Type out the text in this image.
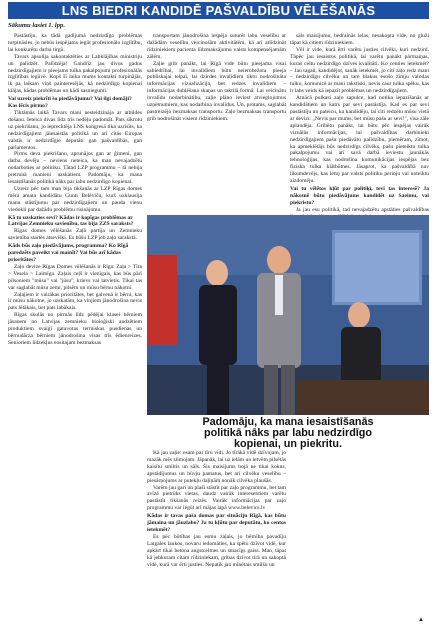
LNS BIEDRI KANDIDĒ PAŠVALDĪBU VĒLĒŠANĀS
Sākumu lasiet 1. lpp.

Pastāstīju, ka tādā gadījumā nedzirdīgo problēmas turpināsies, jo nebūs iespējams iegūt profesionālo izglītību, lai konkurētu darba tirgū.

Tavars apsolīja sakontaktēties ar Labklājības ministriju un palīdzēt. Palīdzēja! Gandrīz jau divus gadus nedzirdīgajiem ir pieejams tulka pakalpojumi profesionālās izglītības iegūvē. Kopš šī laika mums kontakti turpinājās, ik pa laikam viņš painteresējās, kā nedzirdīgo kopienai klājas, kādas problēmas un kādi sasniegumi.

Vai uzreiz piekrīti šo piedāvājumu? Vai ilgi domāji? Kas lēcis pirmo?

Tiktāmās laikā Tavars mani nesteidzināja ar atbildes došanu. Ieteica divas līdz trīs nedēļu padomāt. Pats sīkrotu uz piekrišanu, jo ieprecktēja LNS kongresā tika uzrisīts, ka nedzirdīgajiem jāiesaistās politikā un arī citās Eiropas valstīs ir nedzirdīgie deputāti gan pašvaldībās, gan parlamentos.

Pirms deva piekrišanu, aprunājos gan ar ģimeni, gan darba devēju – neviens neteica, ka man nevajadzētu nodarboties ar politiku. Tātad LZP programmu – tā nebija pretrunā manieni uzskatiem. Padomāju, ka mana iesaistīšanās politikā nāks par labu nedzirdīgo kopienai.

Uzreiz pēc tam man bija tikšanās ar LZP Rīgas domes mēra amata kandidātu Gunti Belēviču, kurš uzklausīja manu stāstījumu par nedzirdīgajiem un pauda vienu viedokli par dažādu problēmu risinājumu.

Kā tu uzskaties sevi? Kādas ir kopīgas problēmas ar Latvijas Zemnieku savienību, tas bija ZZS saraksts?

Rīgas domes vēlēšanās Zaļā partija un Zemnieku savienība startēs atsevišķi. Es būšu LZP jeb zaļo sarakstā.

Kāds būs zaļo piedāvājums, programma? Ko Rīgā paredzēts paveikt vai mainīt? Vai būs arī kādas prioritātes?

Zaļo devize Rīgas Domes vēlēšanās ir Rīga: Zaļa > Tīra > Vesela > Laimīga. Zaļais ceļš ir vienīgais, kas būs pārī pilsoniem "mūsu" vai "jūsu", krievs vai latvietis. Tikai tas var saglabāt mūsu zemi, pilsētu un mūsu bērnu nākotni.

Zaļajiem ir vairākas prioritātes, bet galvenā ir bērni, kas ir mūsu nākotne, jo uzskatām, ka vinjiem jānodrošina nevis pats lētākais, bet pats labākais.

Rīgas skolās no pirmās līdz pēdējai klasei bērniem jāsanem no Latvijas zemnieku bioloģiski audzētiem produktiem svaigi gatavotas termiskas pusdienas un bērnudārza bērniem jānodrošina visas trīs ēdienreizes. Senioriem līdzekļus eositajam bezmaksas

transportam jānodrošina iespēja suturēt labu veselību ar dažādām veselību veicinošām aktivitātēm, kā arī atlīdzināt rīdziniekiem pacienta līdzmaksājumu valsts kompensējamām zālēm.

Zaļie grib panākt, lai Rīgā vide būtu pieejama visai sabiedrībai, lai invalīdiem būtu neierobežota pieeja publiskajai telpai, lai dzirdes invalīdiem tiktu nodrošināta informācijas vizualizācija, bet redzes invalīdiem – informācijas dublēšana skaņas un taktilā formā. Lai veicinātu invalīdu nodarbinātību, zaļie plāno ieviest atvieglojumus uzņēmumiem, kas nodarbina invalīdus. Un, protams, saglabāt pastreizējo bezmaksas transportu. Zaļo bezmaksas transportu grib nodrošināt visiem rīdziniekiem.

sāls maisījumu, bedrainās ielas, nesakopta vide, no gluži tāpat kā citiem rīdziniekiem.

Vēl ir vide, kurā ērti varētu justies cilvēki, kuri nedzird. Tāpēc jau iesaistos politikā, lai varētu panākt pārmaiņas, kuras celtu nedzirdīgo dzīves kvalitāti. Ko centies ietekmēt? – Jau tagad, kandidējot, sanāk ietekmēt, jo citi zaļo redz mani – nedzirdīgu cilvēku un tam blakus esošo zīmju valodas tulku, komunicē ar mani rakstiski, nevis caur tulka spēku, kas ir labs veids kā iepazīt problēmas un nedzirdīgajiem.

Atnācā pulkasi zaļo sapulce, kad notika iepazīšanās ar kandidātiem un katrs par sevi pastāstīja. Kad es par sevi pastāstīju un pateicu, ka kandidēju, lai citi redzētu mūsu vietā ar devizi: „Nevis par mums, bet mūsu pašu ar sevi!", visa zāle aplaudēja. Gribētu panākt, lai būtu pēc iespējas vairāk vizuālās informācijas, lai pašvaldības darbinieki nedzirdīgajiem pašu piedāvātu palīdzību, piemēram, zīmot, ka apmeklētājs būs nedzirdīgs cilvēks, pašu pieteiktu tulka pakalpojumu vai arī savā darbā ieviestu jaunākās tehnoloģijas, kas nodrošina komunikācijas iespējas bez fiziska tulka klātbūtnes. Jāsaprot, ka pašvaldībā nav likumdevējs, kas lemj par valsts politiku perioju vai noteiktu aizdomēju.

Vai tu vēlētos kļūt par politiķi, tevi tas interesē? Ja nākotnē būtu piedāvājums kandidēt uz Saeimu, vai piekristu?

Ja jau esu politikā, tad nevajadzētu apstāties pašvaldības

Padomāju, ka mana iesaistīšanās
politikā nāks par labu nedzirdīgo
kopienai, un piekritu.

Kā jau zaļie: esam par tīru vidi. Jo tīrākā vidē dzīvojam, jo mazāk mēs slimojam. Jāpanāk, lai uz ielām un ietvēm pilsētās kaisītu smiltis un sāls. Šis maisījums bojā ne tikai kokus, apstādījumus un būvju pamatus, bet arī cilvēku veselību – piesārņojums ar putekļu daļiņām nonāk cilvēka plaušās.

Varētu jau gari un plaši stāstīt par zaļo programmu, bet tam avīzē pietrūks vietas, daudz vairāk interesentiem varētu pastāstīt tikšanās reizēs. Vairāk informācijas par zaļo programmu var iegūt arī mājas lapā www.belevics.lv

Kādas ir tavas paša domas par situāciju Rīgā, kas būtu jāmaina un jāuzlabo? Ja tu kļūtu par deputātu, ko centos ietekmēt?

Es pēc būtības jau esmu zaļais, jo bērnība pavadīju Latgales laukos, novaru iedomāties, ka spētu dzīvot vidē, kur apkārt tikai betona augstceltnes un smacīgs gaiss. Man, tāpat kā jebkuram citam rīdziniekam, gribas dzīvot tīrā un sakoptā vidē, kurā var ērti justies. Nepatīk jau mīnētais smilšu un

▲
